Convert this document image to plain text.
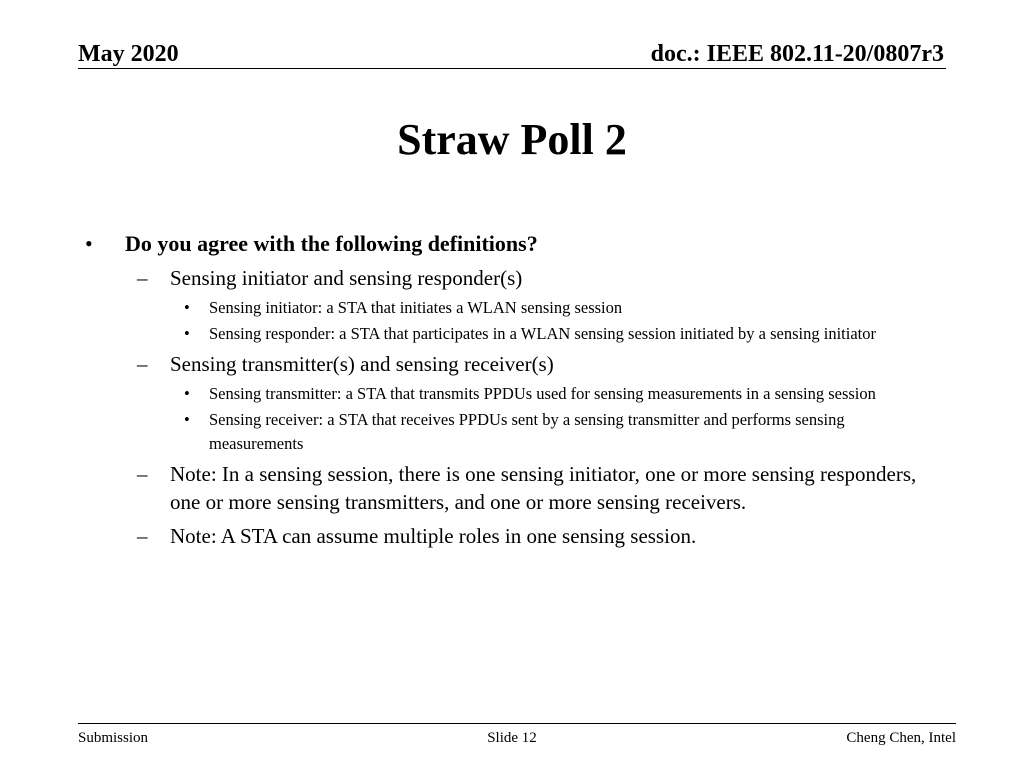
May 2020	doc.: IEEE 802.11-20/0807r3
Straw Poll 2
• Do you agree with the following definitions?
– Sensing initiator and sensing responder(s)
• Sensing initiator: a STA that initiates a WLAN sensing session
• Sensing responder: a STA that participates in a WLAN sensing session initiated by a sensing initiator
– Sensing transmitter(s) and sensing receiver(s)
• Sensing transmitter: a STA that transmits PPDUs used for sensing measurements in a sensing session
• Sensing receiver: a STA that receives PPDUs sent by a sensing transmitter and performs sensing measurements
– Note: In a sensing session, there is one sensing initiator, one or more sensing responders, one or more sensing transmitters, and one or more sensing receivers.
– Note: A STA can assume multiple roles in one sensing session.
Submission	Slide 12	Cheng Chen, Intel
